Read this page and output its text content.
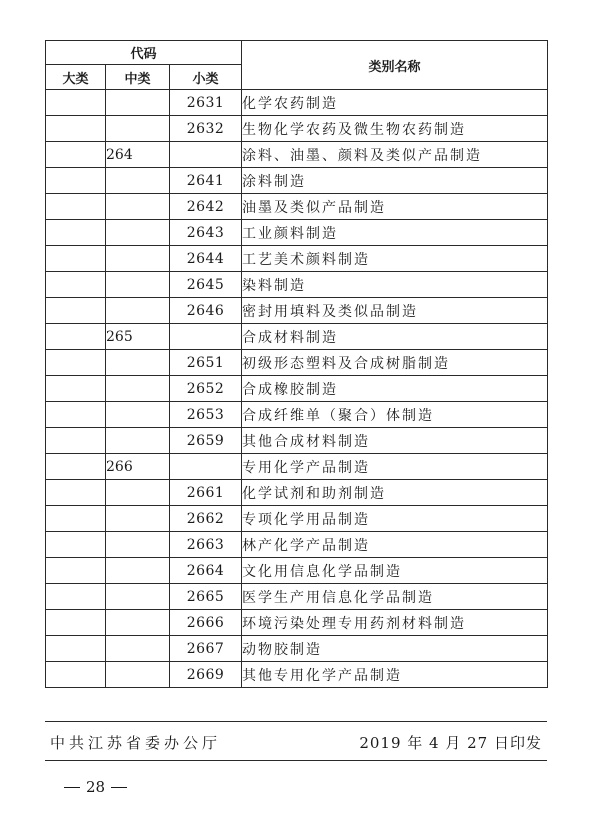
代码			类别名称
大类	中类	小类	
		2631	化学农药制造
		2632	生物化学农药及微生物农药制造
	264		涂料、油墨、颜料及类似产品制造
		2641	涂料制造
		2642	油墨及类似产品制造
		2643	工业颜料制造
		2644	工艺美术颜料制造
		2645	染料制造
		2646	密封用填料及类似品制造
	265		合成材料制造
		2651	初级形态塑料及合成树脂制造
		2652	合成橡胶制造
		2653	合成纤维单（聚合）体制造
		2659	其他合成材料制造
	266		专用化学产品制造
		2661	化学试剂和助剂制造
		2662	专项化学用品制造
		2663	林产化学产品制造
		2664	文化用信息化学品制造
		2665	医学生产用信息化学品制造
		2666	环境污染处理专用药剂材料制造
		2667	动物胶制造
		2669	其他专用化学产品制造
中共江苏省委办公厅	2019 年 4 月 27 日印发
28
